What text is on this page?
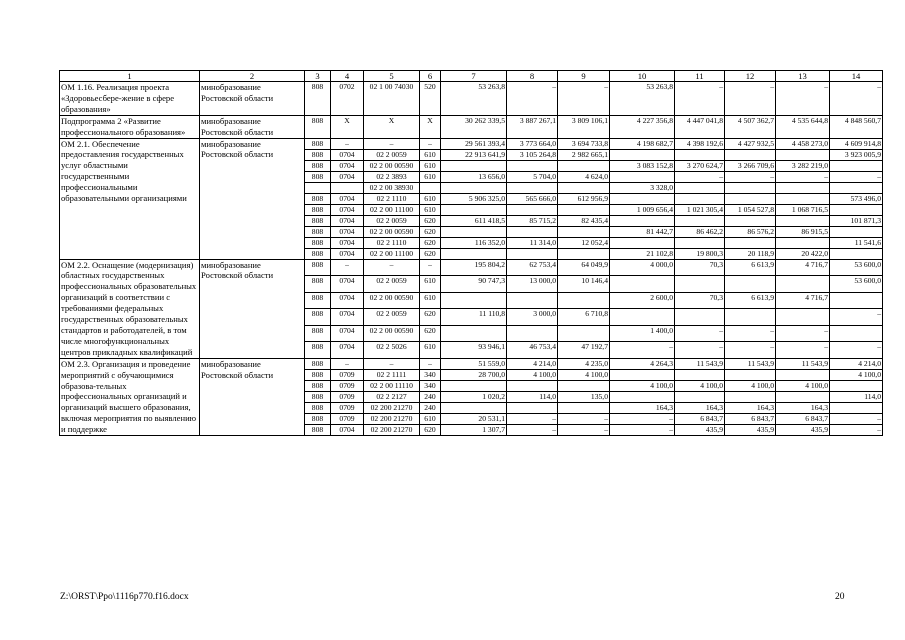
1	2	3	4	5	6	7	8	9	10	11	12	13	14
ОМ 1.16. Реализация проекта «Здоровьесбере-жение в сфере образования»	минобразование Ростовской области	808	0702	02 1 00 74030	520	53 263,8	–	–	53 263,8	–	–	–	–
Подпрограмма 2 «Развитие профессионального образования»	минобразование Ростовской области	808	Х	Х	Х	30 262 339,5	3 887 267,1	3 809 106,1	4 227 356,8	4 447 041,8	4 507 362,7	4 535 644,8	4 848 560,7
ОМ 2.1. Обеспечение предоставления государственных услуг областными государственными профессиональными образовательными организациями	минобразование Ростовской области	808	–	–	–	29 561 393,4	3 773 664,0	3 694 733,8	4 198 682,7	4 398 192,6	4 427 932,5	4 458 273,0	4 609 914,8
		808	0704	02 2 0059	610	22 913 641,9	3 105 264,8	2 982 665,1					3 923 005,9
		808	0704	02 2 00 00590	610				3 083 152,8	3 270 624,7	3 266 709,6	3 282 219,0	
		808	0704	02 2 3893	610	13 656,0	5 704,0	4 624,0		–	–	–	–
				02 2 00 38930					3 328,0				
		808	0704	02 2 1110	610	5 906 325,0	565 666,0	612 956,9					573 496,0
		808	0704	02 2 00 11100	610				1 009 656,4	1 021 305,4	1 054 527,8	1 068 716,5	
		808	0704	02 2 0059	620	611 418,5	85 715,2	82 435,4					101 871,3
		808	0704	02 2 00 00590	620				81 442,7	86 462,2	86 576,2	86 915,5	
		808	0704	02 2 1110	620	116 352,0	11 314,0	12 052,4					11 541,6
		808	0704	02 2 00 11100	620				21 102,8	19 800,3	20 118,9	20 422,0	
ОМ 2.2. Оснащение (модернизация) областных государственных профессиональных образовательных организаций в соответствии с требованиями федеральных государственных образовательных стандартов и работодателей, в том числе многофункциональных центров прикладных квалификаций	минобразование Ростовской области	808	–	–	–	195 804,2	62 753,4	64 049,9	4 000,0	70,3	6 613,9	4 716,7	53 600,0
		808	0704	02 2 0059	610	90 747,3	13 000,0	10 146,4					53 600,0
		808	0704	02 2 00 00590	610				2 600,0	70,3	6 613,9	4 716,7	
		808	0704	02 2 0059	620	11 110,8	3 000,0	6 710,8					–
		808	0704	02 2 00 00590	620				1 400,0	–	–	–	
		808	0704	02 2 5026	610	93 946,1	46 753,4	47 192,7	–	–	–	–	–
ОМ 2.3. Организация и проведение мероприятий с обучающимися образова-тельных профессиональных организаций и организаций высшего образования, включая мероприятия по выявлению и поддержке	минобразование Ростовской области	808	–	–	–	51 559,0	4 214,0	4 235,0	4 264,3	11 543,9	11 543,9	11 543,9	4 214,0
		808	0709	02 2 1111	340	28 700,0	4 100,0	4 100,0					4 100,0
		808	0709	02 2 00 11110	340				4 100,0	4 100,0	4 100,0	4 100,0	
		808	0709	02 2 2127	240	1 020,2	114,0	135,0					114,0
		808	0709	02 200 21270	240				164,3	164,3	164,3	164,3	
		808	0709	02 200 21270	610	20 531,1	–	–	–	6 843,7	6 843,7	6 843,7	–
		808	0704	02 200 21270	620	1 307,7	–	–	–	435,9	435,9	435,9	–
Z:\ORST\Ppo\1116p770.f16.docx	20
